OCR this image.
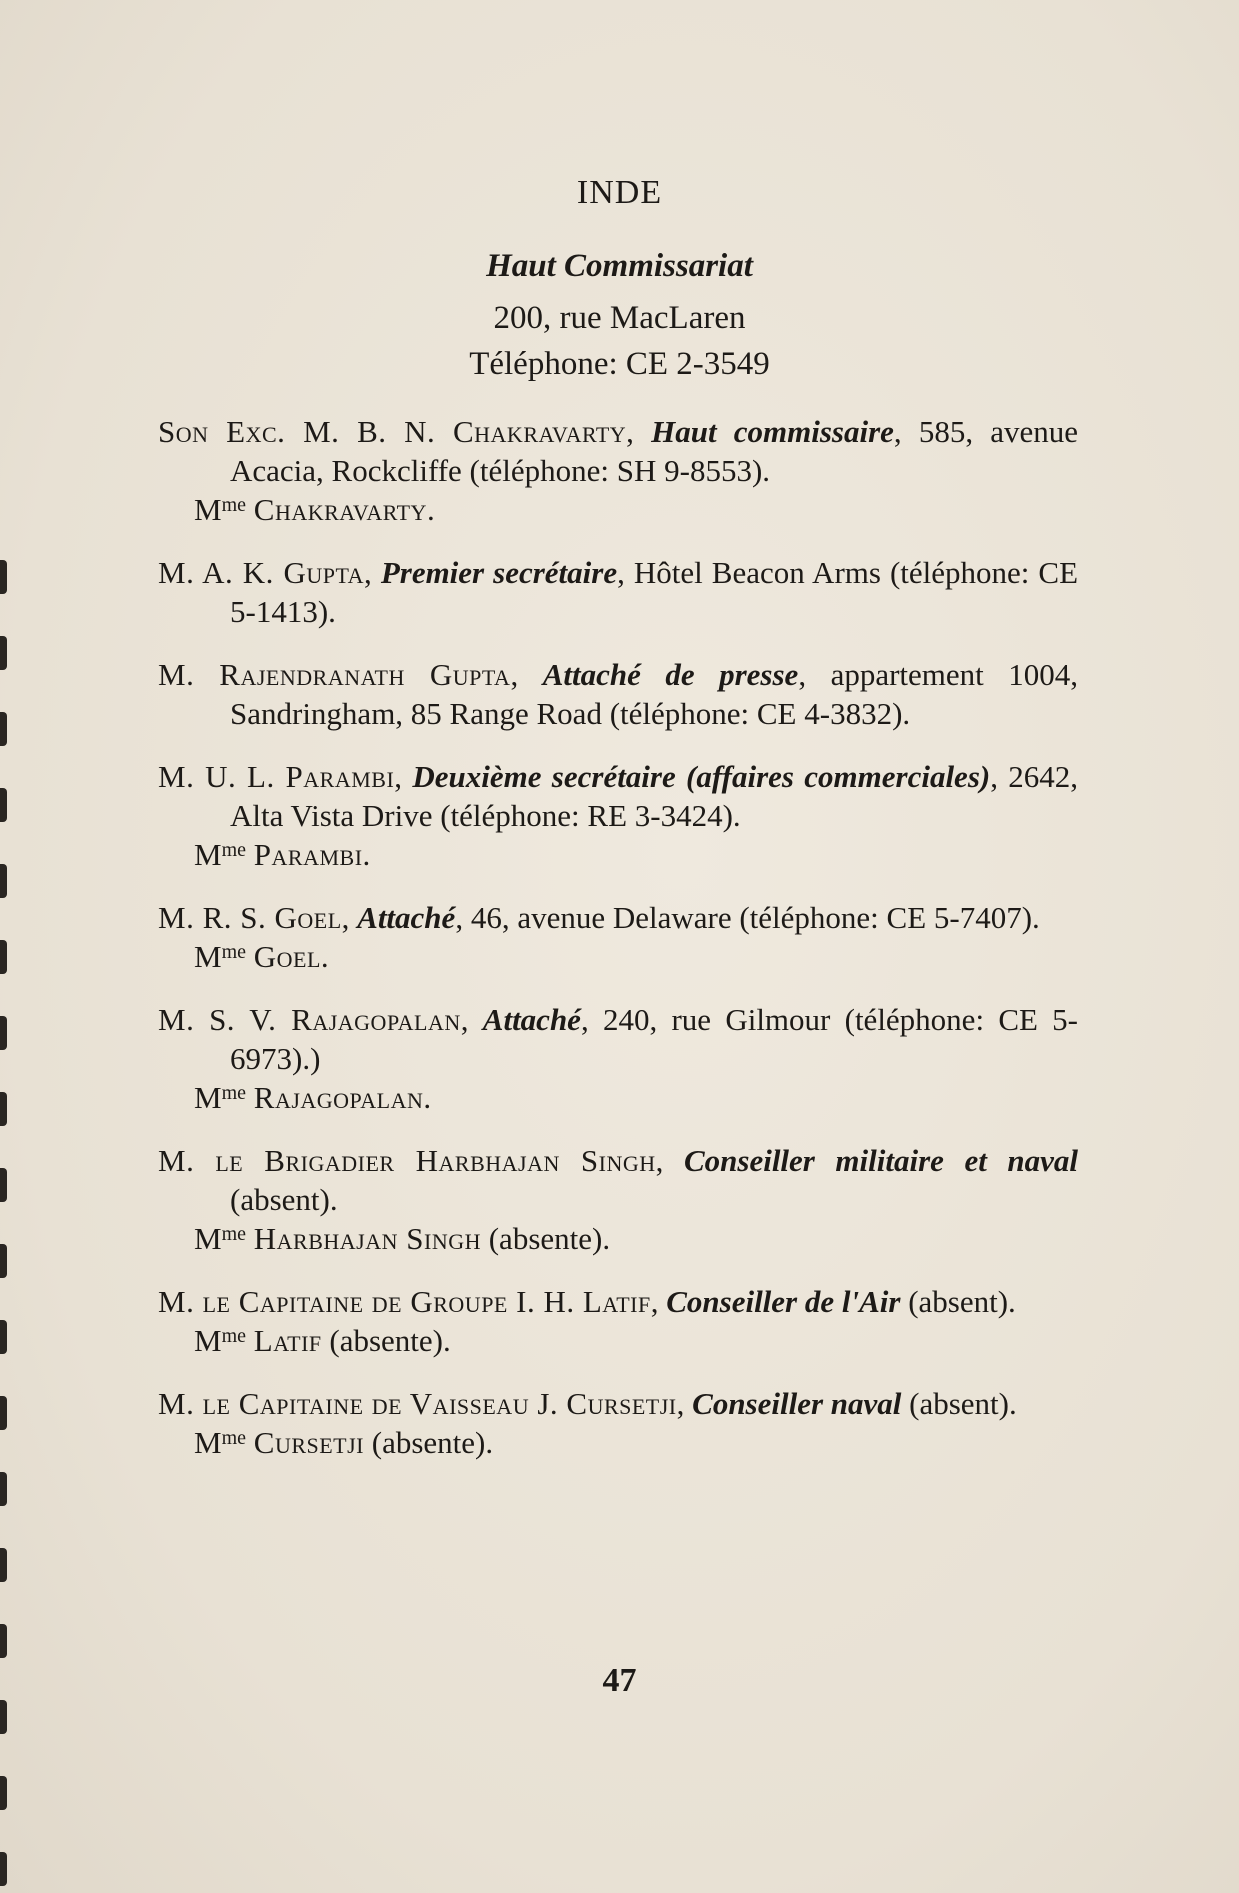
INDE
Haut Commissariat
200, rue MacLaren
Téléphone: CE 2-3549
Son Exc. M. B. N. Chakravarty, Haut commissaire, 585, avenue Acacia, Rockcliffe (téléphone: SH 9-8553).
$M^{me}$ Chakravarty.
M. A. K. Gupta, Premier secrétaire, Hôtel Beacon Arms (téléphone: CE 5-1413).
M. Rajendranath Gupta, Attaché de presse, appartement 1004, Sandringham, 85 Range Road (téléphone: CE 4-3832).
M. U. L. Parambi, Deuxième secrétaire (affaires commerciales), 2642, Alta Vista Drive (téléphone: RE 3-3424).
$M^{me}$ Parambi.
M. R. S. Goel, Attaché, 46, avenue Delaware (téléphone: CE 5-7407).
$M^{me}$ Goel.
M. S. V. Rajagopalan, Attaché, 240, rue Gilmour (téléphone: CE 5-6973).)
$M^{me}$ Rajagopalan.
M. le Brigadier Harbhajan Singh, Conseiller militaire et naval (absent).
$M^{me}$ Harbhajan Singh (absente).
M. le Capitaine de Groupe I. H. Latif, Conseiller de l'Air (absent).
$M^{me}$ Latif (absente).
M. le Capitaine de Vaisseau J. Cursetji, Conseiller naval (absent).
$M^{me}$ Cursetji (absente).
47
